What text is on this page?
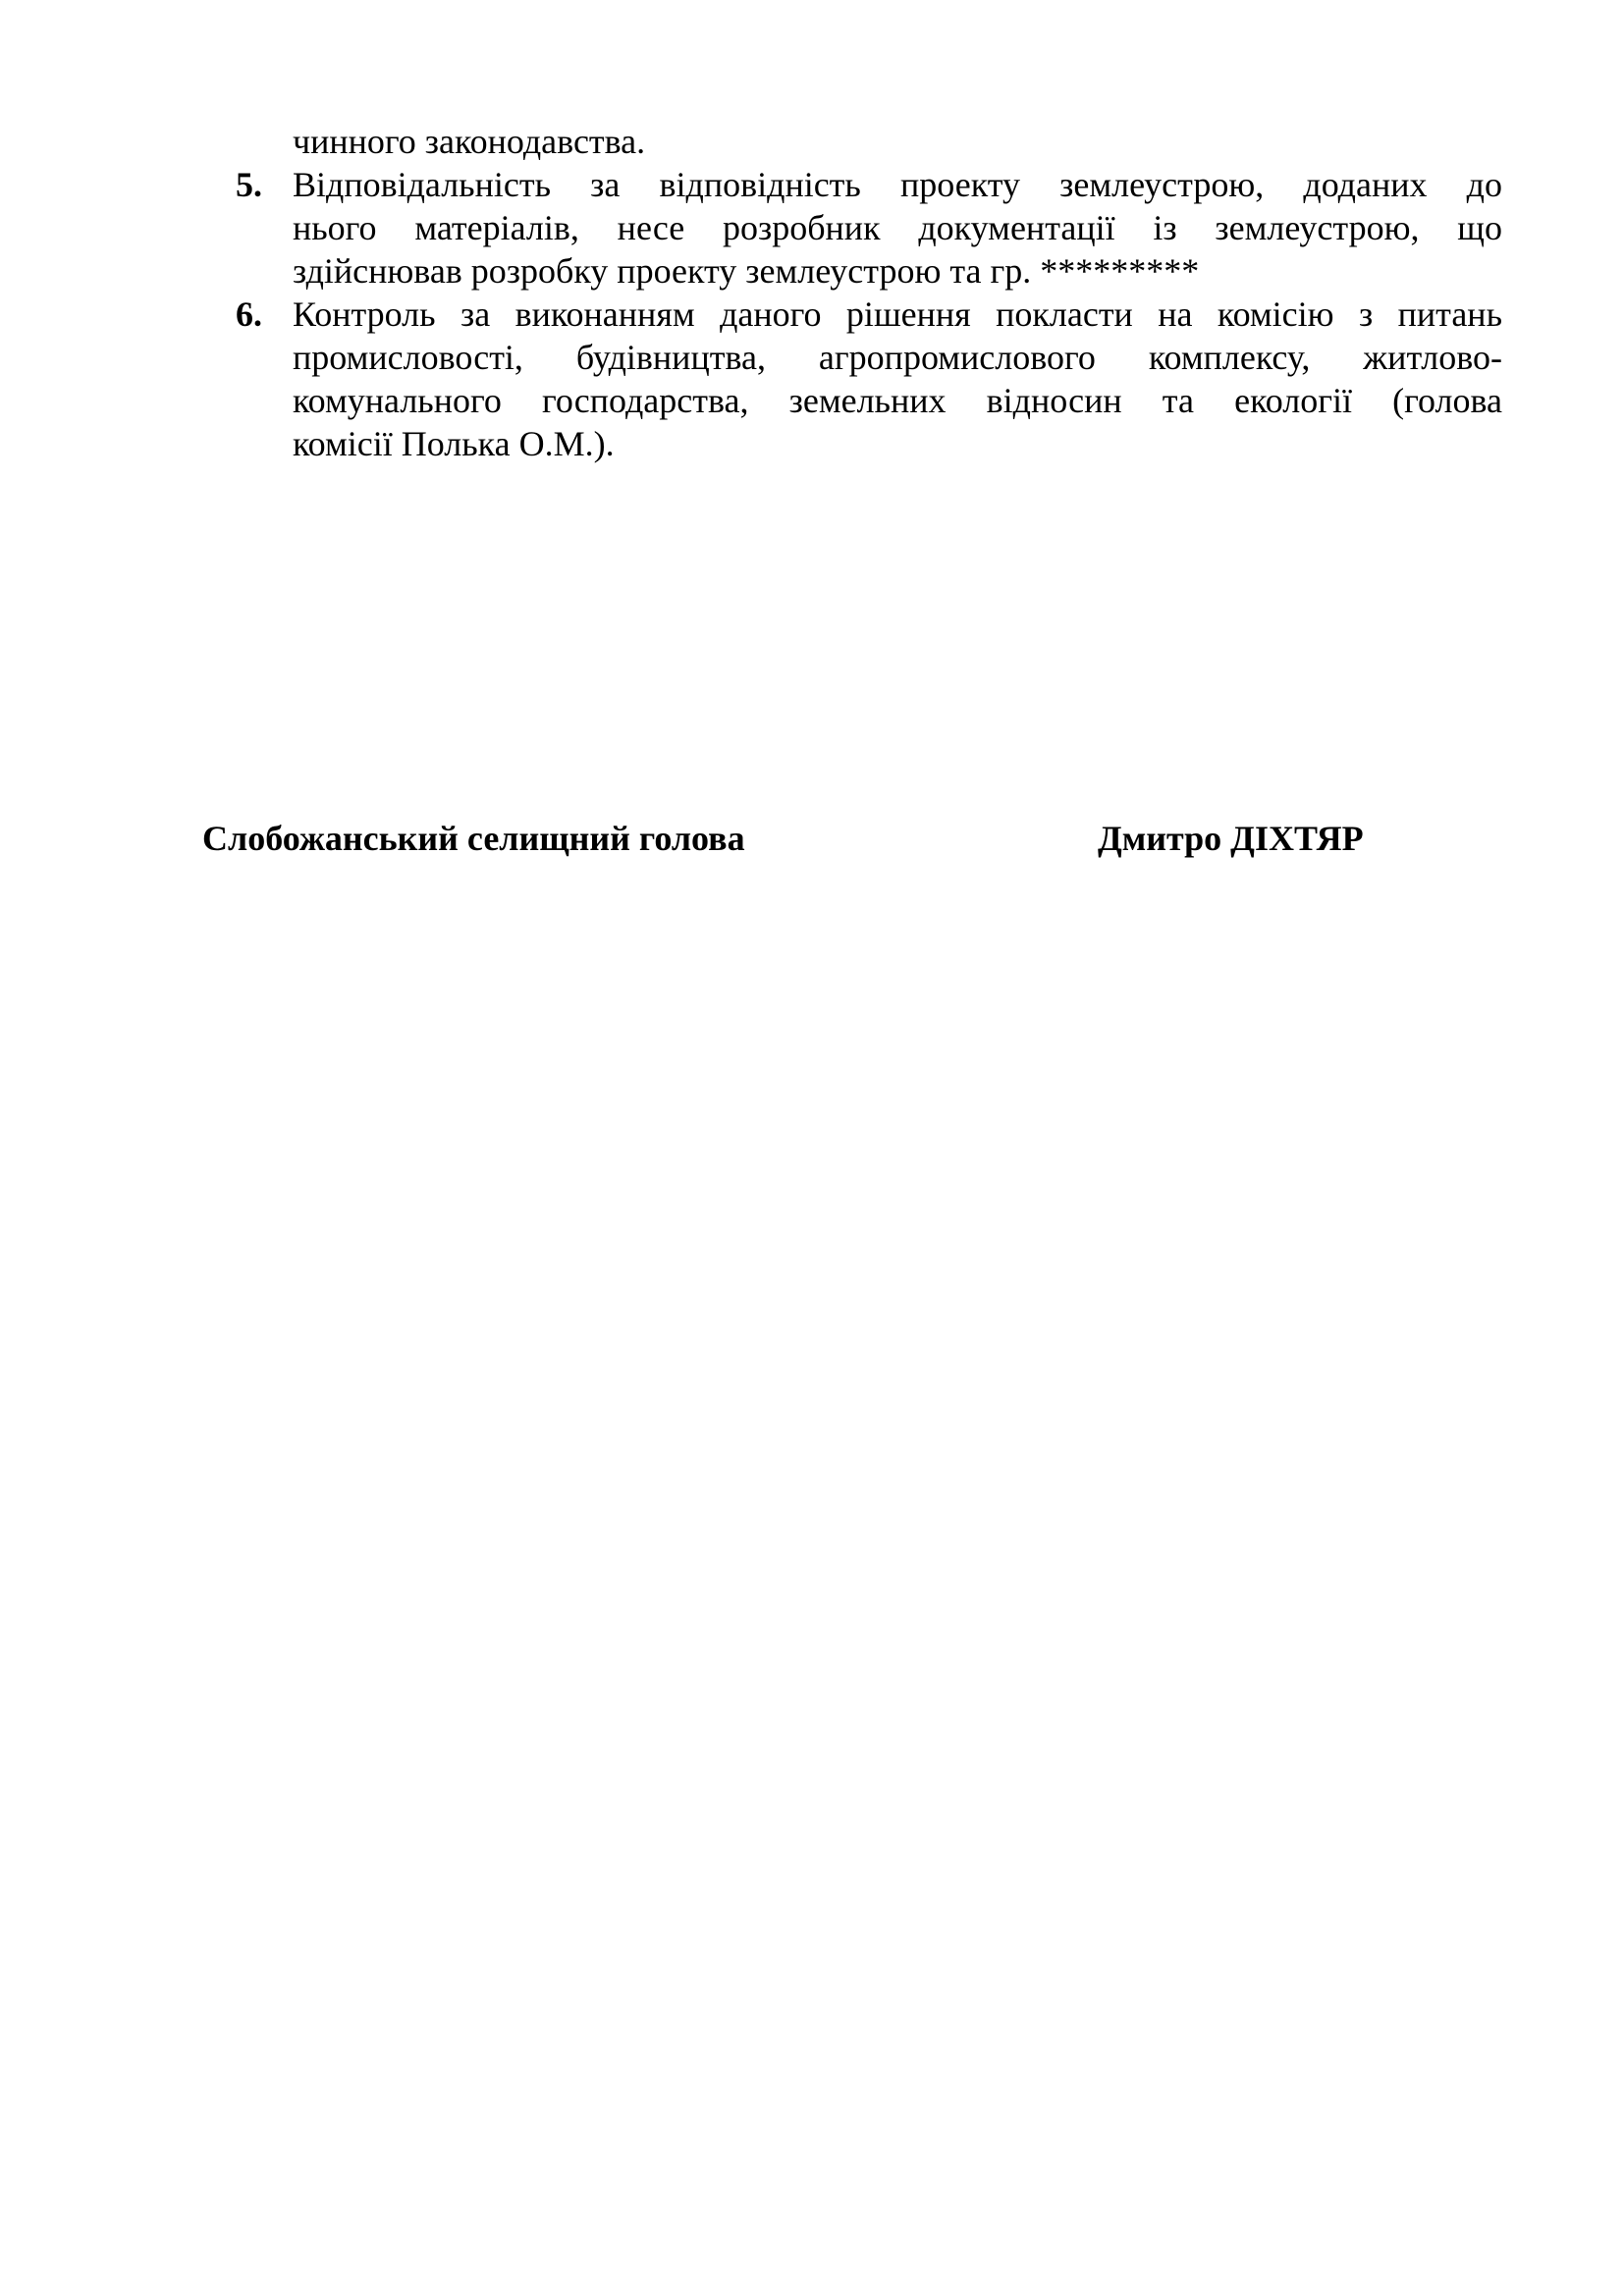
чинного законодавства.
5. Відповідальність за відповідність проекту землеустрою, доданих до
нього матеріалів, несе розробник документації із землеустрою, що
здійснював розробку проекту землеустрою та гр. *********
6. Контроль за виконанням даного рішення покласти на комісію з питань
промисловості, будівництва, агропромислового комплексу, житлово-
комунального господарства, земельних відносин та екології (голова
комісії Полька О.М.).
Слобожанський селищний голова	Дмитро ДІХТЯР
